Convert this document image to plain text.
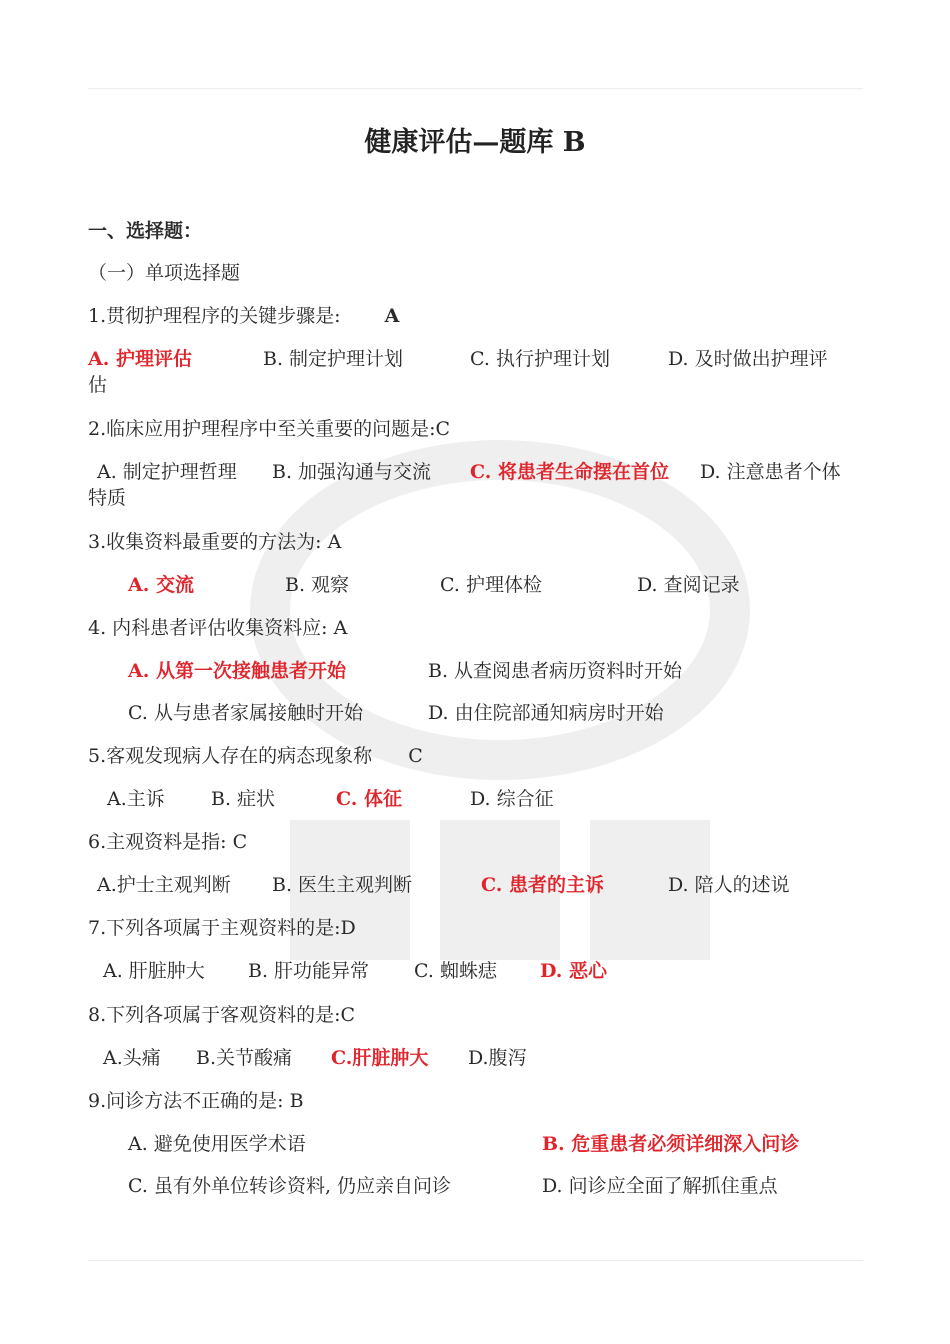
健康评估—题库 B
一、选择题：
（一）单项选择题
1.贯彻护理程序的关键步骤是: A
A. 护理评估	B. 制定护理计划	C. 执行护理计划	D. 及时做出护理评
估
2.临床应用护理程序中至关重要的问题是:C
A. 制定护理哲理 B. 加强沟通与交流 C. 将患者生命摆在首位 D. 注意患者个体
特质
3.收集资料最重要的方法为: A
A. 交流	B. 观察	C. 护理体检	D. 查阅记录
4. 内科患者评估收集资料应: A
A. 从第一次接触患者开始	B. 从查阅患者病历资料时开始
C. 从与患者家属接触时开始	D. 由住院部通知病房时开始
5.客观发现病人存在的病态现象称 C
A.主诉 B. 症状	C. 体征	D. 综合征
6.主观资料是指: C
A.护士主观判断 B. 医生主观判断	C. 患者的主诉	D. 陪人的述说
7.下列各项属于主观资料的是:D
A. 肝脏肿大 B. 肝功能异常 C. 蜘蛛痣 D. 恶心
8.下列各项属于客观资料的是:C
A.头痛 B.关节酸痛 C.肝脏肿大 D.腹泻
9.问诊方法不正确的是: B
A. 避免使用医学术语	B. 危重患者必须详细深入问诊
C. 虽有外单位转诊资料, 仍应亲自问诊	D. 问诊应全面了解抓住重点
